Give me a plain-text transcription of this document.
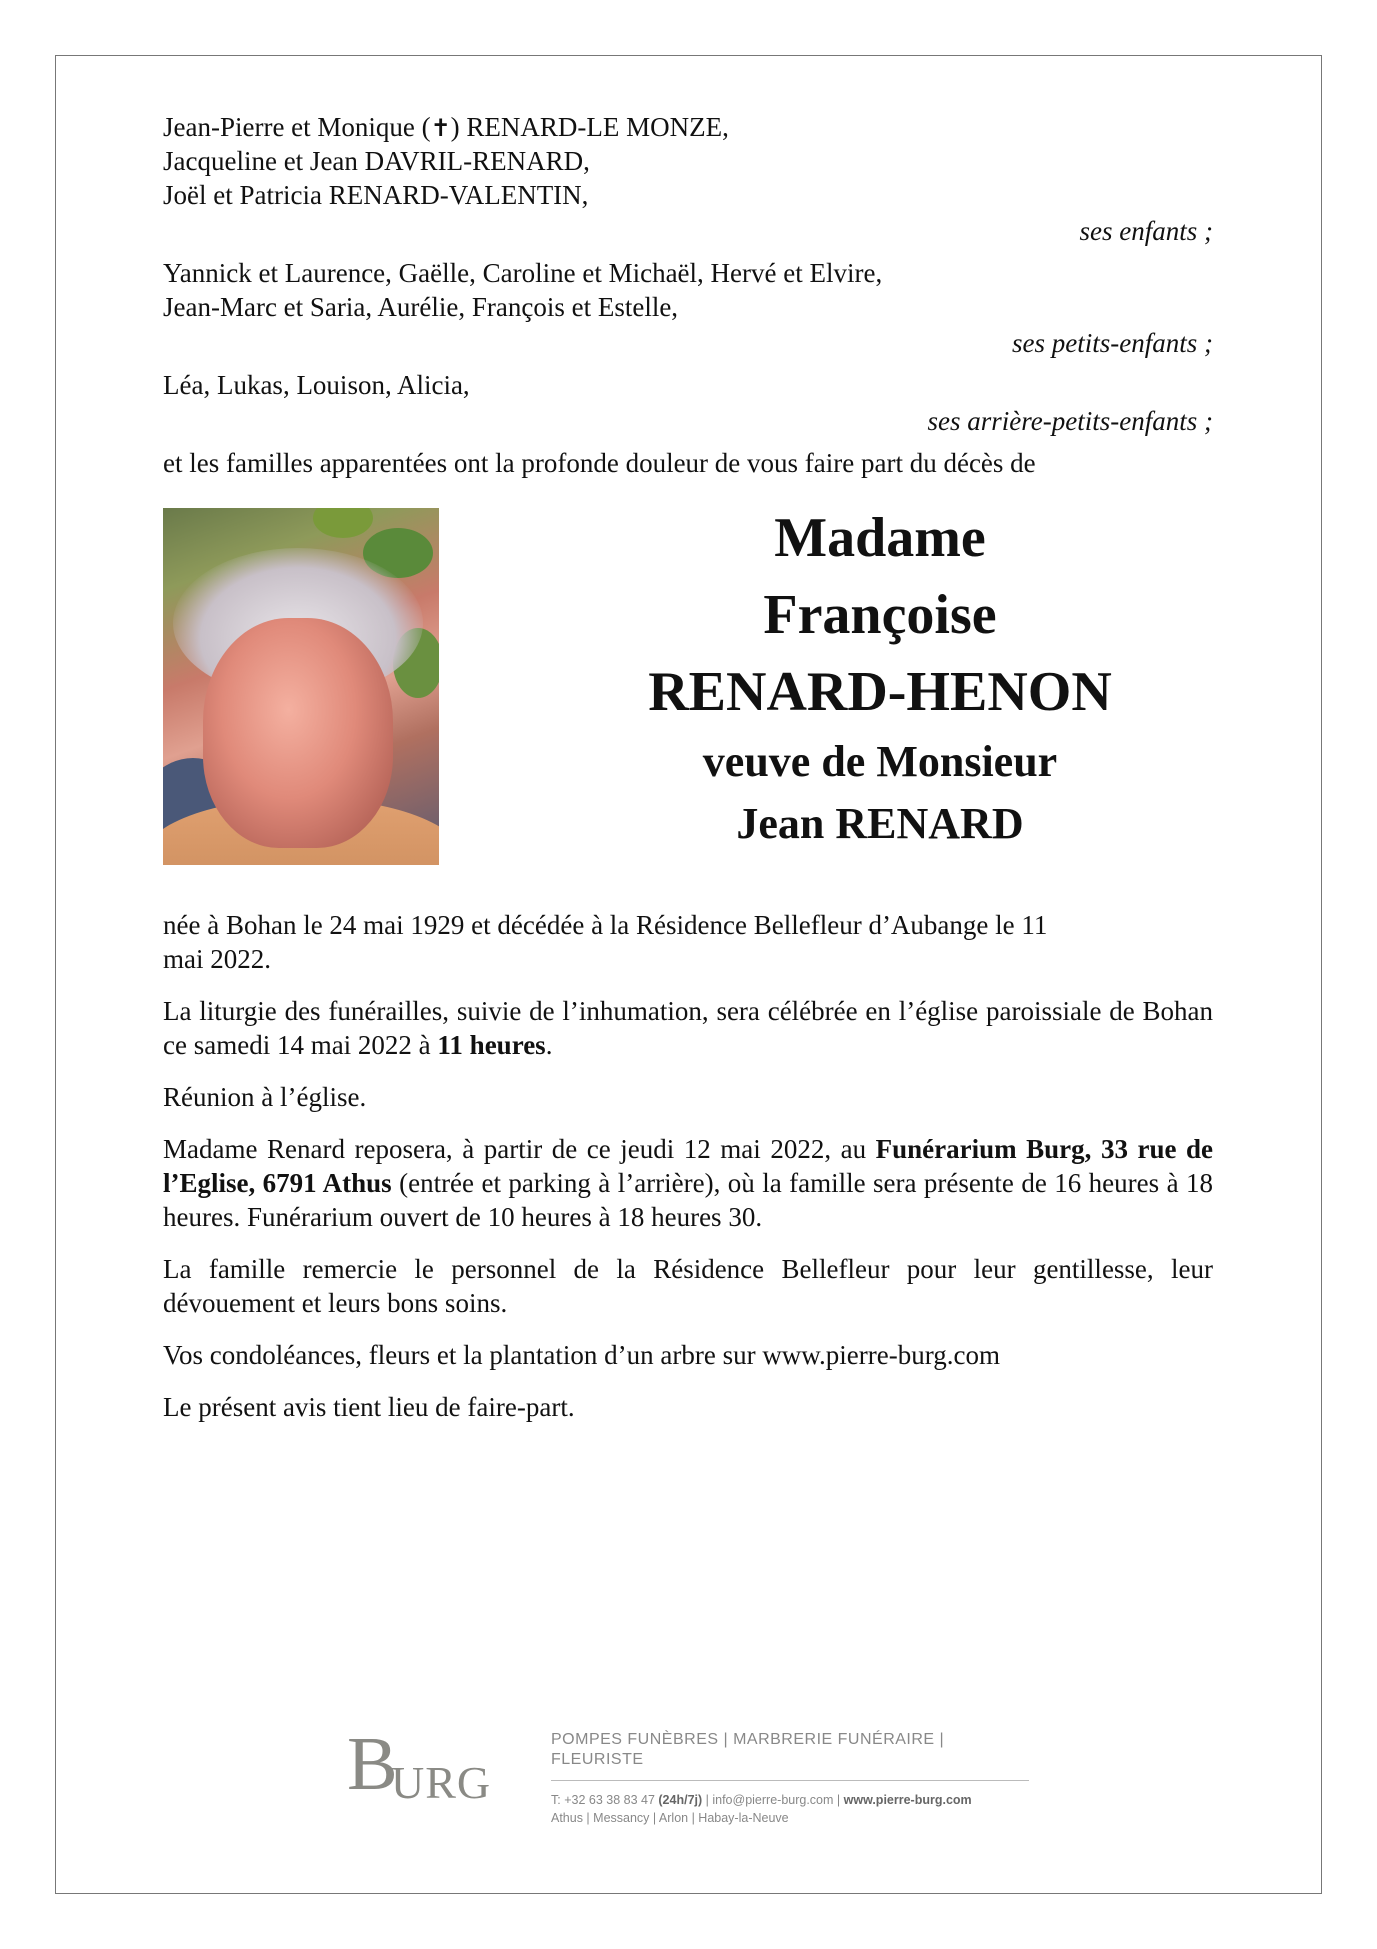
Jean-Pierre et Monique (✝) RENARD-LE MONZE,
Jacqueline et Jean DAVRIL-RENARD,
Joël et Patricia RENARD-VALENTIN,
ses enfants ;
Yannick et Laurence, Gaëlle, Caroline et Michaël, Hervé et Elvire,
Jean-Marc et Saria, Aurélie, François et Estelle,
ses petits-enfants ;
Léa, Lukas, Louison, Alicia,
ses arrière-petits-enfants ;
et les familles apparentées ont la profonde douleur de vous faire part du décès de
Madame
Françoise
RENARD-HENON
veuve de Monsieur
Jean RENARD

née à Bohan le 24 mai 1929 et décédée à la Résidence Bellefleur d’Aubange le 11 mai 2022.

La liturgie des funérailles, suivie de l’inhumation, sera célébrée en l’église paroissiale de Bohan ce samedi 14 mai 2022 à 11 heures.

Réunion à l’église.

Madame Renard reposera, à partir de ce jeudi 12 mai 2022, au Funérarium Burg, 33 rue de l’Eglise, 6791 Athus (entrée et parking à l’arrière), où la famille sera présente de 16 heures à 18 heures. Funérarium ouvert de 10 heures à 18 heures 30.

La famille remercie le personnel de la Résidence Bellefleur pour leur gentillesse, leur dévouement et leurs bons soins.

Vos condoléances, fleurs et la plantation d’un arbre sur www.pierre-burg.com

Le présent avis tient lieu de faire-part.

B
URG
POMPES FUNÈBRES | MARBRERIE FUNÉRAIRE | FLEURISTE
T: +32 63 38 83 47 (24h/7j) | info@pierre-burg.com | www.pierre-burg.com
Athus | Messancy | Arlon | Habay-la-Neuve
